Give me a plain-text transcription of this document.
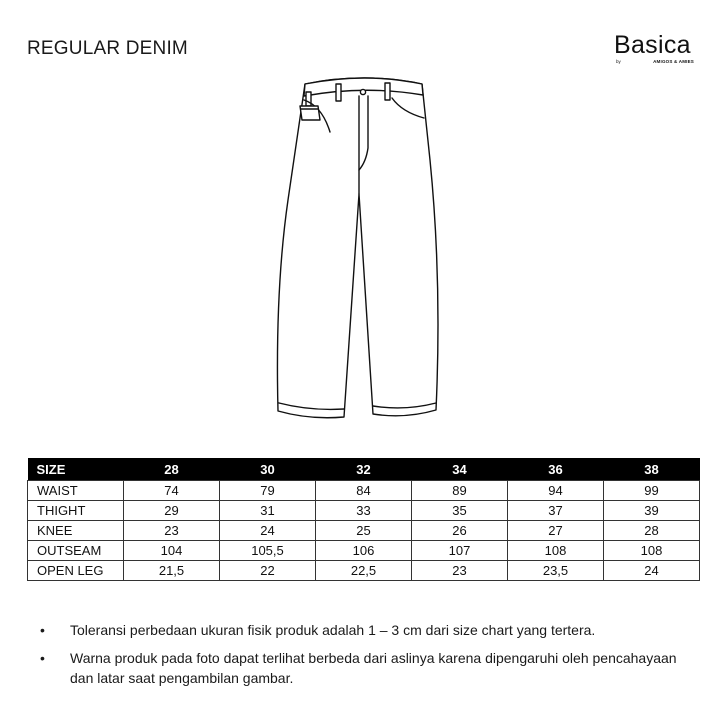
REGULAR DENIM	Basica
by	AMIGOS & AMIES
SIZE	28	30	32	34	36	38
WAIST	74	79	84	89	94	99
THIGHT	29	31	33	35	37	39
KNEE	23	24	25	26	27	28
OUTSEAM	104	105,5	106	107	108	108
OPEN LEG	21,5	22	22,5	23	23,5	24
•	Toleransi perbedaan ukuran fisik produk adalah 1 – 3 cm dari size chart yang tertera.
•	Warna produk pada foto dapat terlihat berbeda dari aslinya karena dipengaruhi oleh pencahayaan dan latar saat pengambilan gambar.
